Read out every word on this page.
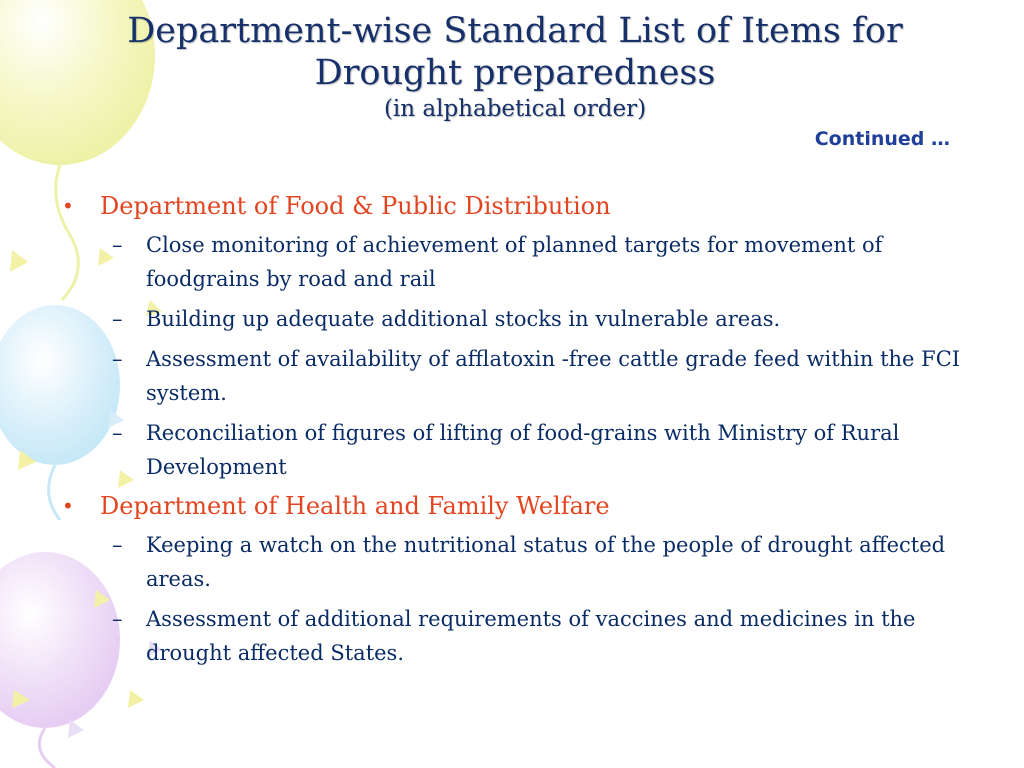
Department-wise Standard List of Items for
Drought preparedness
(in alphabetical order)
Continued …
•	Department of Food & Public Distribution
–	Close monitoring of achievement of planned targets for movement of foodgrains by road and rail
–	Building up adequate additional stocks in vulnerable areas.
–	Assessment of availability of afflatoxin -free cattle grade feed within the FCI system.
–	Reconciliation of figures of lifting of food-grains with Ministry of Rural Development
•	Department of Health and Family Welfare
–	Keeping a watch on the nutritional status of the people of drought affected areas.
–	Assessment of additional requirements of vaccines and medicines in the drought affected States.
